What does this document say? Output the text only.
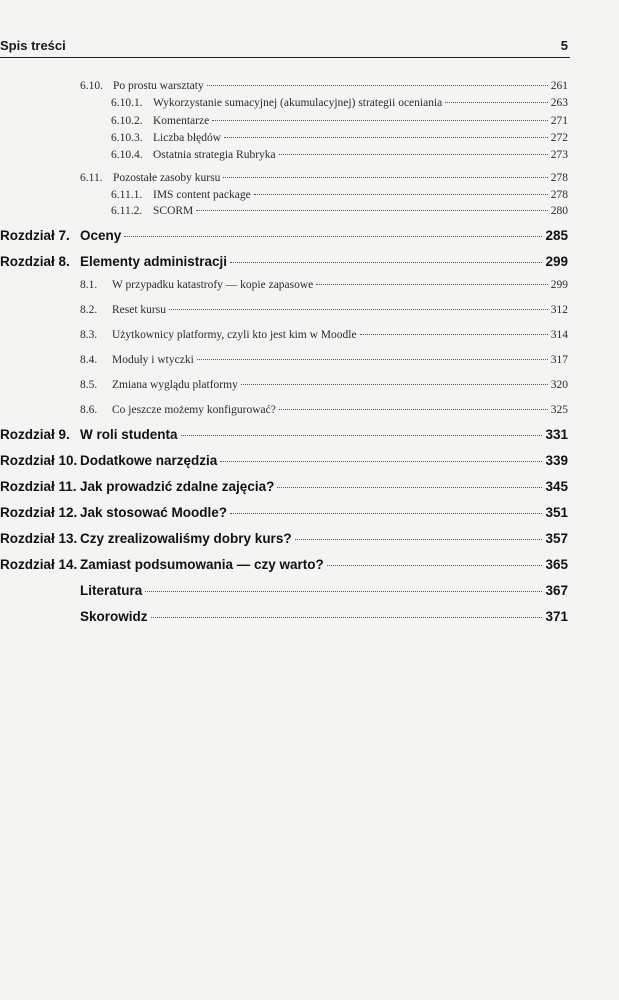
Spis treści	5
6.10. Po prostu warsztaty	261
6.10.1. Wykorzystanie sumacyjnej (akumulacyjnej) strategii oceniania	263
6.10.2. Komentarze	271
6.10.3. Liczba błędów	272
6.10.4. Ostatnia strategia Rubryka	273
6.11. Pozostałe zasoby kursu	278
6.11.1. IMS content package	278
6.11.2. SCORM	280
Rozdział 7. Oceny	285
Rozdział 8. Elementy administracji	299
8.1.	W przypadku katastrofy — kopie zapasowe	299
8.2.	Reset kursu	312
8.3.	Użytkownicy platformy, czyli kto jest kim w Moodle	314
8.4.	Moduły i wtyczki	317
8.5.	Zmiana wyglądu platformy	320
8.6.	Co jeszcze możemy konfigurować?	325
Rozdział 9. W roli studenta	331
Rozdział 10. Dodatkowe narzędzia	339
Rozdział 11. Jak prowadzić zdalne zajęcia?	345
Rozdział 12. Jak stosować Moodle?	351
Rozdział 13. Czy zrealizowaliśmy dobry kurs?	357
Rozdział 14. Zamiast podsumowania — czy warto?	365
Literatura	367
Skorowidz	371
